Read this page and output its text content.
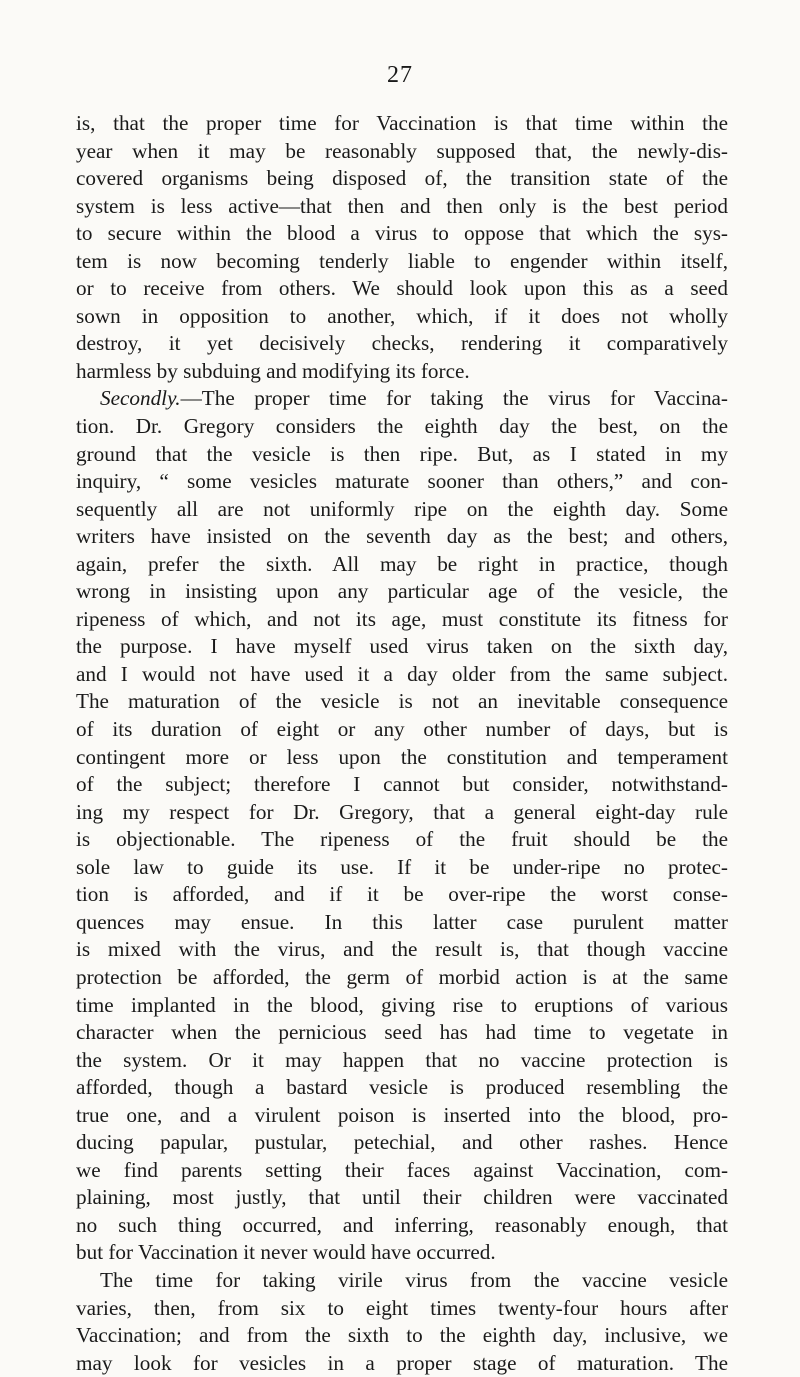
27
is, that the proper time for Vaccination is that time within the
year when it may be reasonably supposed that, the newly-dis-
covered organisms being disposed of, the transition state of the
system is less active—that then and then only is the best period
to secure within the blood a virus to oppose that which the sys-
tem is now becoming tenderly liable to engender within itself,
or to receive from others. We should look upon this as a seed
sown in opposition to another, which, if it does not wholly
destroy, it yet decisively checks, rendering it comparatively
harmless by subduing and modifying its force.
Secondly.—The proper time for taking the virus for Vaccina-
tion. Dr. Gregory considers the eighth day the best, on the
ground that the vesicle is then ripe. But, as I stated in my
inquiry, “ some vesicles maturate sooner than others,” and con-
sequently all are not uniformly ripe on the eighth day. Some
writers have insisted on the seventh day as the best; and others,
again, prefer the sixth. All may be right in practice, though
wrong in insisting upon any particular age of the vesicle, the
ripeness of which, and not its age, must constitute its fitness for
the purpose. I have myself used virus taken on the sixth day,
and I would not have used it a day older from the same subject.
The maturation of the vesicle is not an inevitable consequence
of its duration of eight or any other number of days, but is
contingent more or less upon the constitution and temperament
of the subject; therefore I cannot but consider, notwithstand-
ing my respect for Dr. Gregory, that a general eight-day rule
is objectionable. The ripeness of the fruit should be the
sole law to guide its use. If it be under-ripe no protec-
tion is afforded, and if it be over-ripe the worst conse-
quences may ensue. In this latter case purulent matter
is mixed with the virus, and the result is, that though vaccine
protection be afforded, the germ of morbid action is at the same
time implanted in the blood, giving rise to eruptions of various
character when the pernicious seed has had time to vegetate in
the system. Or it may happen that no vaccine protection is
afforded, though a bastard vesicle is produced resembling the
true one, and a virulent poison is inserted into the blood, pro-
ducing papular, pustular, petechial, and other rashes. Hence
we find parents setting their faces against Vaccination, com-
plaining, most justly, that until their children were vaccinated
no such thing occurred, and inferring, reasonably enough, that
but for Vaccination it never would have occurred.
The time for taking virile virus from the vaccine vesicle
varies, then, from six to eight times twenty-four hours after
Vaccination; and from the sixth to the eighth day, inclusive, we
may look for vesicles in a proper stage of maturation. The
